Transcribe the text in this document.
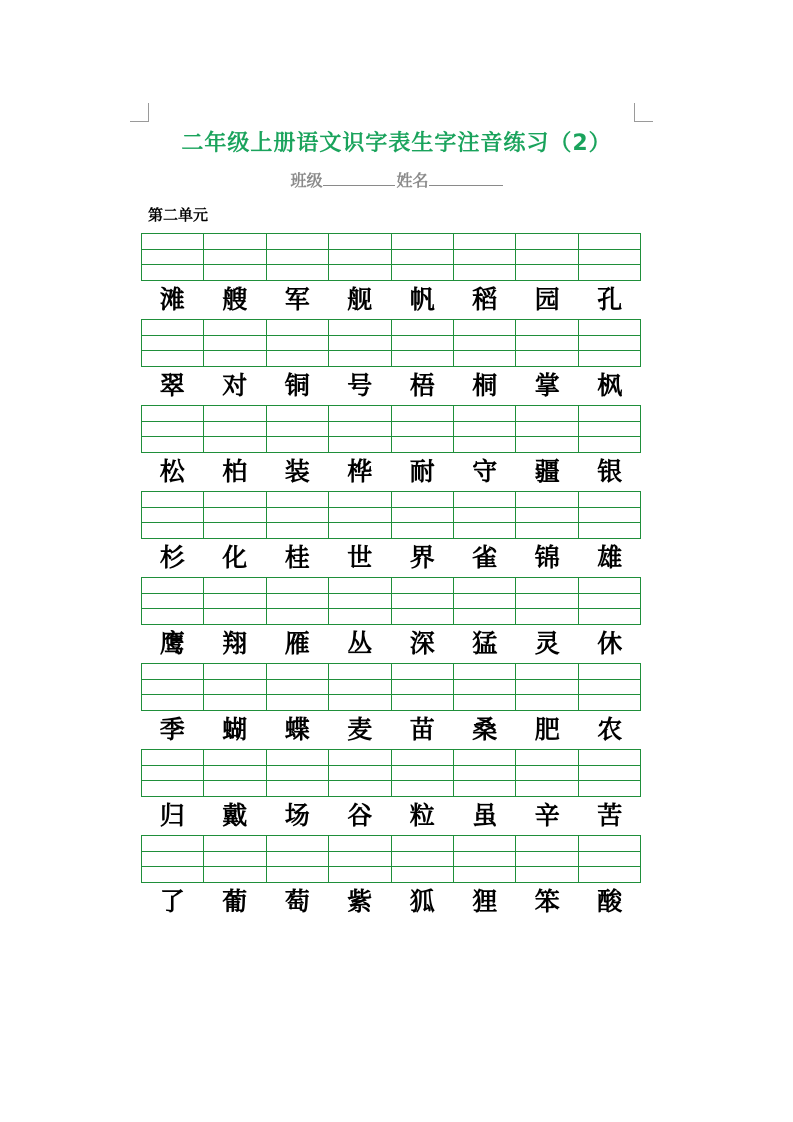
二年级上册语文识字表生字注音练习（2）
班级	姓名
第二单元
滩	艘	军	舰	帆	稻	园	孔
翠	对	铜	号	梧	桐	掌	枫
松	柏	装	桦	耐	守	疆	银
杉	化	桂	世	界	雀	锦	雄
鹰	翔	雁	丛	深	猛	灵	休
季	蝴	蝶	麦	苗	桑	肥	农
归	戴	场	谷	粒	虽	辛	苦
了	葡	萄	紫	狐	狸	笨	酸
